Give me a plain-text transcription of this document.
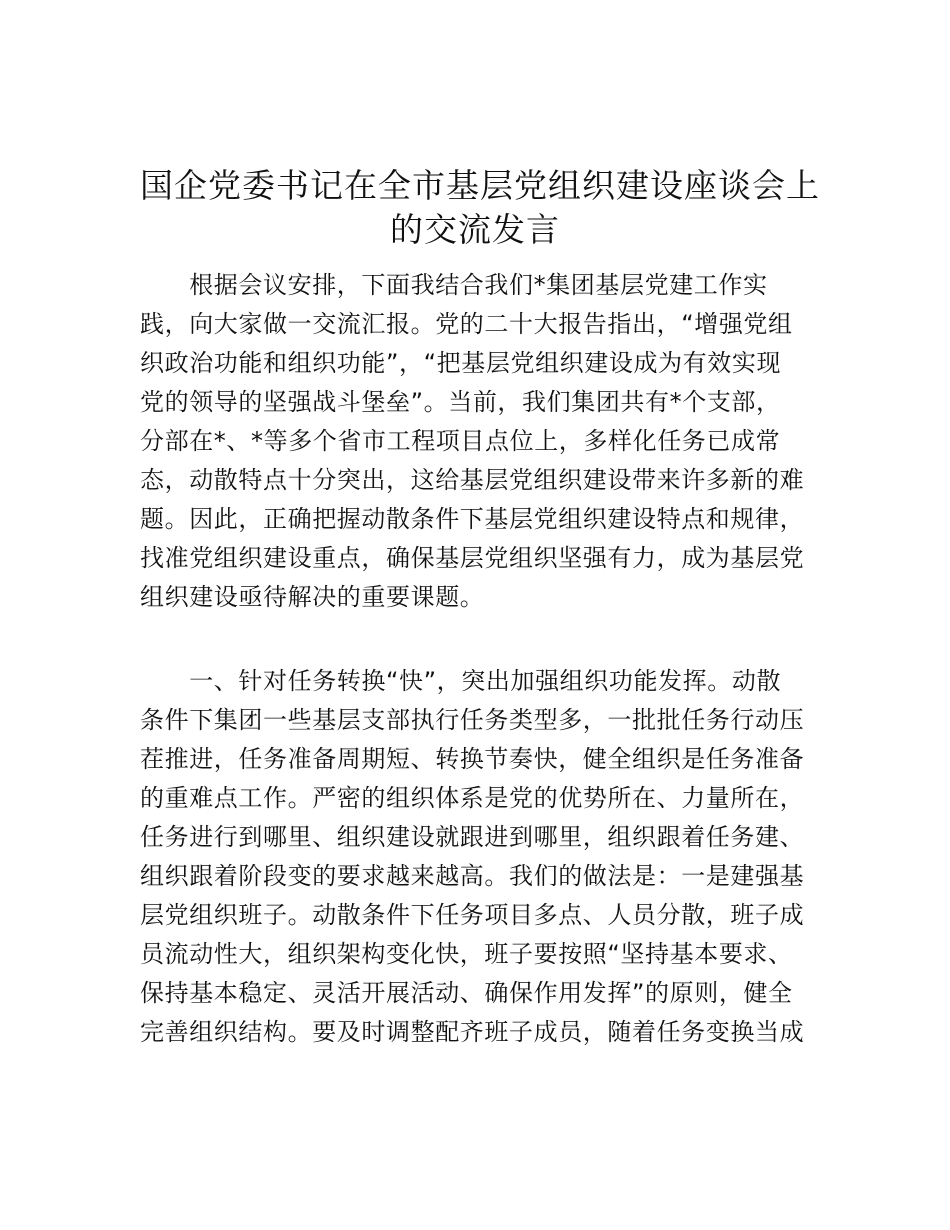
国企党委书记在全市基层党组织建设座谈会上
的交流发言
　　根据会议安排，下面我结合我们*集团基层党建工作实
践，向大家做一交流汇报。党的二十大报告指出，“增强党组
织政治功能和组织功能”，“把基层党组织建设成为有效实现
党的领导的坚强战斗堡垒”。当前，我们集团共有*个支部，
分部在*、*等多个省市工程项目点位上，多样化任务已成常
态，动散特点十分突出，这给基层党组织建设带来许多新的难
题。因此，正确把握动散条件下基层党组织建设特点和规律，
找准党组织建设重点，确保基层党组织坚强有力，成为基层党
组织建设亟待解决的重要课题。
　　一、针对任务转换“快”，突出加强组织功能发挥。动散
条件下集团一些基层支部执行任务类型多，一批批任务行动压
茬推进，任务准备周期短、转换节奏快，健全组织是任务准备
的重难点工作。严密的组织体系是党的优势所在、力量所在，
任务进行到哪里、组织建设就跟进到哪里，组织跟着任务建、
组织跟着阶段变的要求越来越高。我们的做法是：一是建强基
层党组织班子。动散条件下任务项目多点、人员分散，班子成
员流动性大，组织架构变化快，班子要按照“坚持基本要求、
保持基本稳定、灵活开展活动、确保作用发挥”的原则，健全
完善组织结构。要及时调整配齐班子成员，随着任务变换当成
